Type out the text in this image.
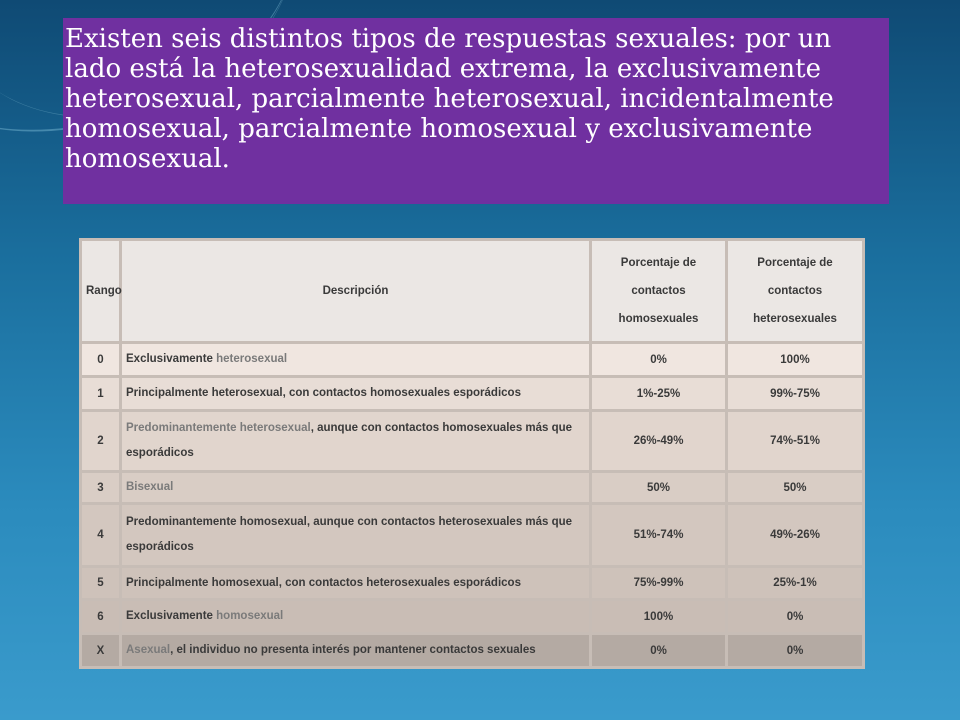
Existen seis distintos tipos de respuestas sexuales: por un lado está la heterosexualidad extrema, la exclusivamente heterosexual, parcialmente heterosexual, incidentalmente homosexual, parcialmente homosexual y exclusivamente homosexual.

Rango	Descripción	Porcentaje de contactos homosexuales	Porcentaje de contactos heterosexuales
0	Exclusivamente heterosexual	0%	100%
1	Principalmente heterosexual, con contactos homosexuales esporádicos	1%-25%	99%-75%
2	Predominantemente heterosexual, aunque con contactos homosexuales más que esporádicos	26%-49%	74%-51%
3	Bisexual	50%	50%
4	Predominantemente homosexual, aunque con contactos heterosexuales más que esporádicos	51%-74%	49%-26%
5	Principalmente homosexual, con contactos heterosexuales esporádicos	75%-99%	25%-1%
6	Exclusivamente homosexual	100%	0%
X	Asexual, el individuo no presenta interés por mantener contactos sexuales	0%	0%
